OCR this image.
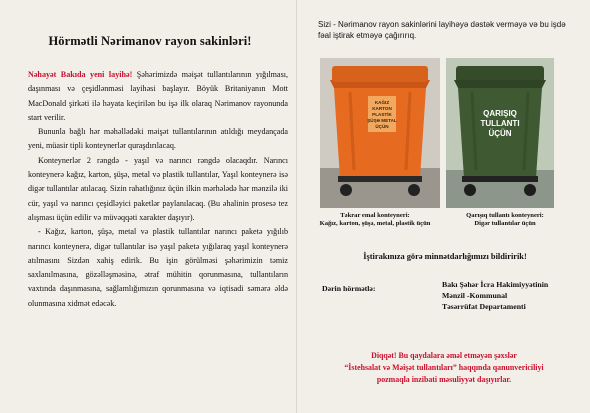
Hörmətli Nərimanov rayon sakinləri!

Nəhayət Bakıda yeni layihə! Şəhərimizdə məişət tullantılarının yığılması, daşınması və çeşidlənməsi layihəsi başlayır. Böyük Britaniyanın Mott MacDonald şirkəti ilə həyata keçirilən bu işə ilk olaraq Nərimanov rayonunda start verilir.

Bununla bağlı hər məhəllədəki məişət tullantılarının atıldığı meydançada yeni, müasir tipli konteynerlər quraşdırılacaq.

Konteynerlər 2 rəngdə - yaşıl və narıncı rəngdə olacaqdır. Narıncı konteynerə kağız, karton, şüşə, metal və plastik tullantılar, Yaşıl konteynerə isə digər tullantılar atılacaq. Sizin rahatlığınız üçün ilkin mərhələdə hər mənzilə iki cür, yaşıl və narıncı çeşidləyici paketlər paylanılacaq. (Bu əhalinin prosesə tez alışması üçün edilir və müvəqqəti xarakter daşıyır).

- Kağız, karton, şüşə, metal və plastik tullantılar narıncı paketə yığılıb narıncı konteynerə, digər tullantılar isə yaşıl paketə yığılaraq yaşıl konteynerə atılmasını Sizdən xahiş edirik. Bu işin görülməsi şəhərimizin təmiz saxlanılmasına, gözəlləşməsinə, ətraf mühitin qorunmasına, tullantıların vaxtında daşınmasına, sağlamlığımızın qorunmasına və iqtisadi səmərə əldə olunmasına xidmət edəcək.

Sizi - Nərimanov rayon sakinlərini layihəyə dəstək verməyə və bu işdə fəal iştirak etməyə çağırırıq.
KAĞIZ
KARTON
PLASTİK
ŞÜŞƏ METAL
ÜÇÜN
QARIŞIQ
TULLANTI
ÜÇÜN
Təkrar emal konteyneri:
Kağız, karton, şüşə, metal, plastik üçün
Qarışıq tullantı konteyneri:
Digər tullantılar üçün
İştirakınıza görə minnətdarlığımızı bildiririk!
Dərin hörmətlə:	Bakı Şəhər İcra Hakimiyyətinin
Mənzil -Kommunal
Təsərrüfat Departamenti
Diqqət! Bu qaydalara əməl etməyən şəxslər
“İstehsalat və Məişət tullantıları” haqqında qanunvericiliyi
pozmaqla inzibati məsuliyyət daşıyırlar.
